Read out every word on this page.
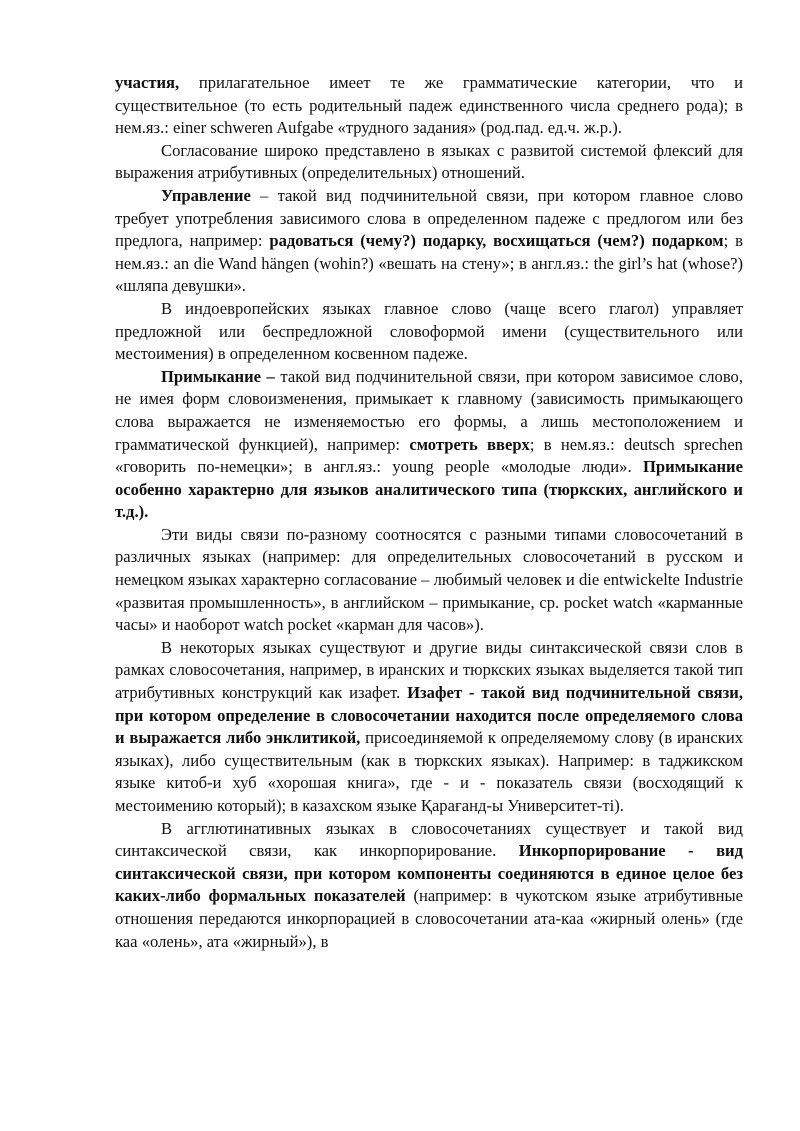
участия, прилагательное имеет те же грамматические категории, что и существительное (то есть родительный падеж единственного числа среднего рода); в нем.яз.: einer schweren Aufgabe «трудного задания» (род.пад. ед.ч. ж.р.).

Согласование широко представлено в языках с развитой системой флексий для выражения атрибутивных (определительных) отношений.

Управление – такой вид подчинительной связи, при котором главное слово требует употребления зависимого слова в определенном падеже с предлогом или без предлога, например: радоваться (чему?) подарку, восхищаться (чем?) подарком; в нем.яз.: an die Wand hängen (wohin?) «вешать на стену»; в англ.яз.: the girl’s hat (whose?) «шляпа девушки».

В индоевропейских языках главное слово (чаще всего глагол) управляет предложной или беспредложной словоформой имени (существительного или местоимения) в определенном косвенном падеже.

Примыкание – такой вид подчинительной связи, при котором зависимое слово, не имея форм словоизменения, примыкает к главному (зависимость примыкающего слова выражается не изменяемостью его формы, а лишь местоположением и грамматической функцией), например: смотреть вверх; в нем.яз.: deutsch sprechen «говорить по-немецки»; в англ.яз.: young people «молодые люди». Примыкание особенно характерно для языков аналитического типа (тюркских, английского и т.д.).

Эти виды связи по-разному соотносятся с разными типами словосочетаний в различных языках (например: для определительных словосочетаний в русском и немецком языках характерно согласование – любимый человек и die entwickelte Industrie «развитая промышленность», в английском – примыкание, ср. pocket watch «карманные часы» и наоборот watch pocket «карман для часов»).

В некоторых языках существуют и другие виды синтаксической связи слов в рамках словосочетания, например, в иранских и тюркских языках выделяется такой тип атрибутивных конструкций как изафет. Изафет - такой вид подчинительной связи, при котором определение в словосочетании находится после определяемого слова и выражается либо энклитикой, присоединяемой к определяемому слову (в иранских языках), либо существительным (как в тюркских языках). Например: в таджикском языке китоб-и хуб «хорошая книга», где - и - показатель связи (восходящий к местоимению который); в казахском языке Қарағанд-ы Университет-ті).

В агглютинативных языках в словосочетаниях существует и такой вид синтаксической связи, как инкорпорирование. Инкорпорирование - вид синтаксической связи, при котором компоненты соединяются в единое целое без каких-либо формальных показателей (например: в чукотском языке атрибутивные отношения передаются инкорпорацией в словосочетании ата-каа «жирный олень» (где каа «олень», ата «жирный»), в
